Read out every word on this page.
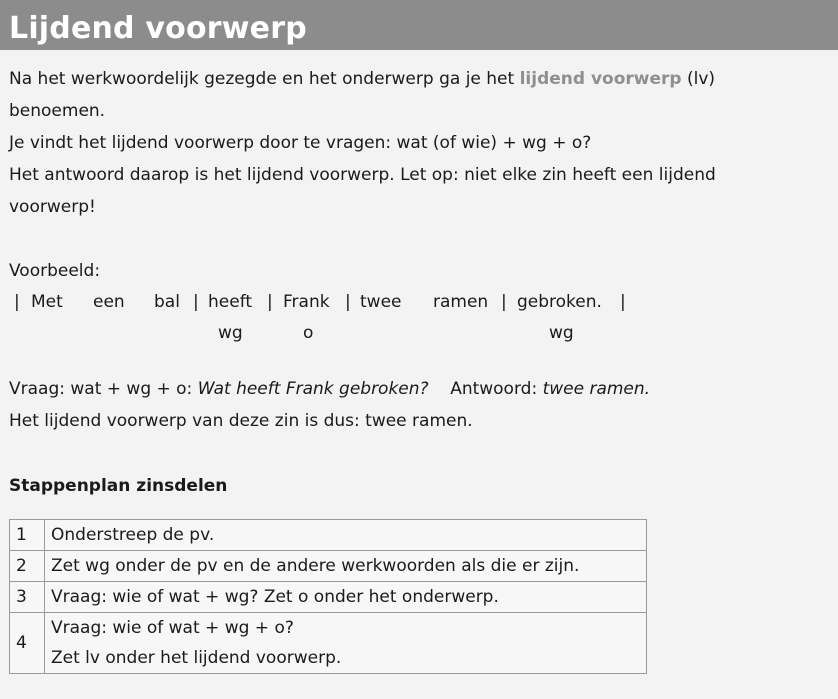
Lijdend voorwerp
Na het werkwoordelijk gezegde en het onderwerp ga je het lijdend voorwerp (lv)
benoemen.
Je vindt het lijdend voorwerp door te vragen: wat (of wie) + wg + o?
Het antwoord daarop is het lijdend voorwerp. Let op: niet elke zin heeft een lijdend
voorwerp!
Voorbeeld:
| Met een bal | heeft | Frank | twee ramen | gebroken. |
wg	o	wg
Vraag: wat + wg + o: Wat heeft Frank gebroken? Antwoord: twee ramen.
Het lijdend voorwerp van deze zin is dus: twee ramen.
Stappenplan zinsdelen
1	Onderstreep de pv.

2	Zet wg onder de pv en de andere werkwoorden als die er zijn.

3	Vraag: wie of wat + wg? Zet o onder het onderwerp.

4	Vraag: wie of wat + wg + o?
Zet lv onder het lijdend voorwerp.
